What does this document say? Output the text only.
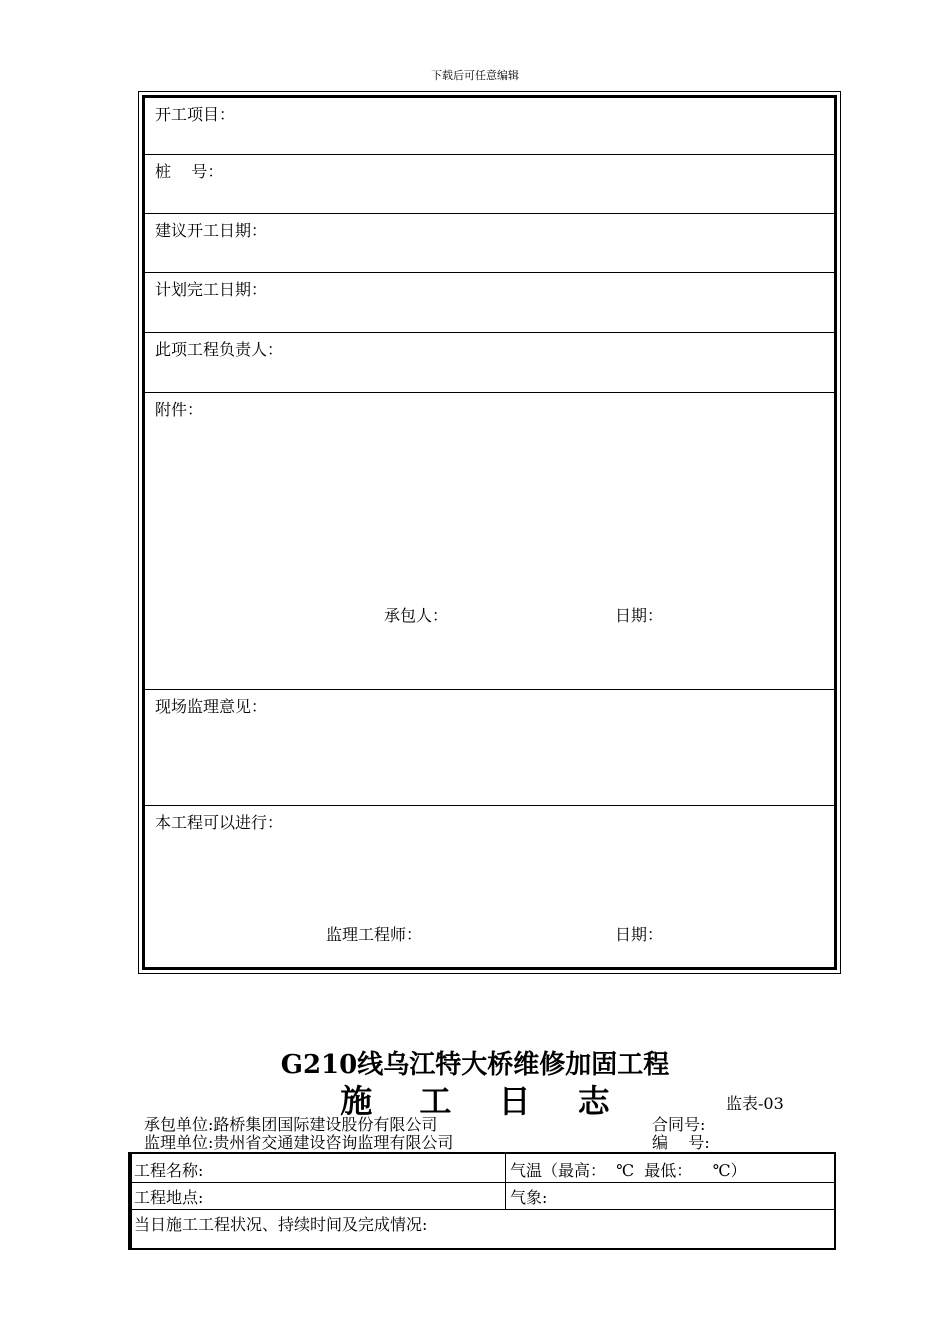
下载后可任意编辑
开工项目：
桩    号：
建议开工日期：
计划完工日期：
此项工程负责人：
附件：
承包人：	日期：
现场监理意见：
本工程可以进行：
监理工程师：	日期：
G210线乌江特大桥维修加固工程
施 工 日 志	监表-03
承包单位:路桥集团国际建设股份有限公司	合同号:
监理单位:贵州省交通建设咨询监理有限公司	编    号:
工程名称:	气温（最高：  ℃  最低：    ℃）
工程地点:	气象:
当日施工工程状况、持续时间及完成情况:
